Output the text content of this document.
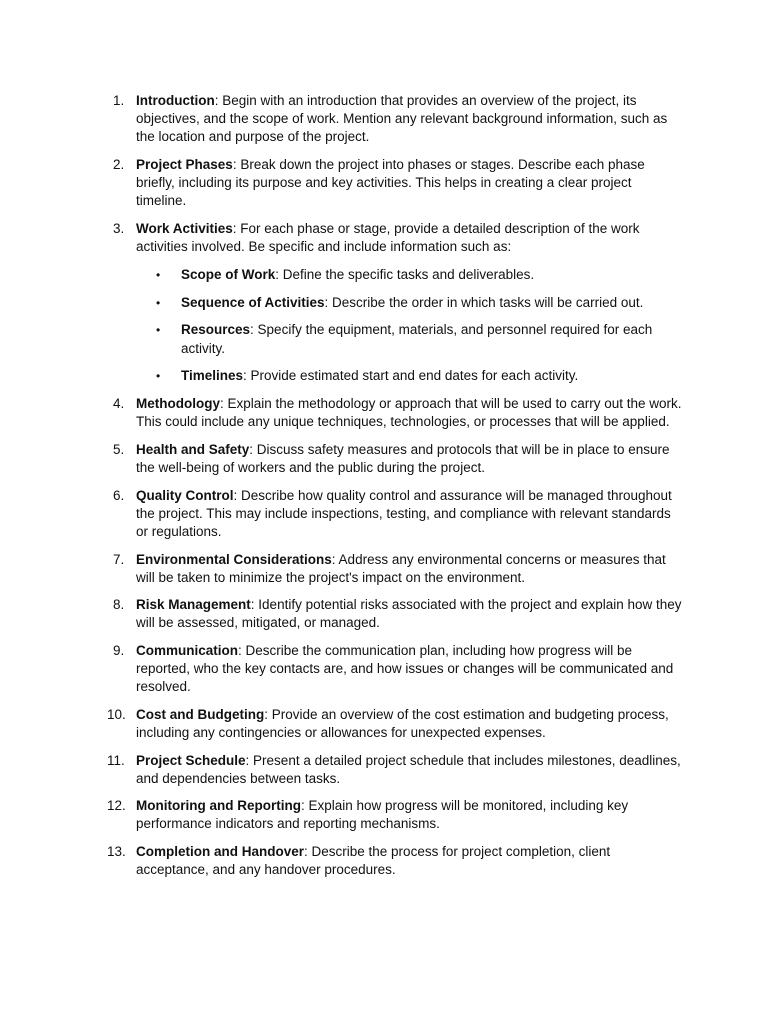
1. Introduction: Begin with an introduction that provides an overview of the project, its objectives, and the scope of work. Mention any relevant background information, such as the location and purpose of the project.
2. Project Phases: Break down the project into phases or stages. Describe each phase briefly, including its purpose and key activities. This helps in creating a clear project timeline.
3. Work Activities: For each phase or stage, provide a detailed description of the work activities involved. Be specific and include information such as:
•	Scope of Work: Define the specific tasks and deliverables.
•	Sequence of Activities: Describe the order in which tasks will be carried out.
•	Resources: Specify the equipment, materials, and personnel required for each activity.
•	Timelines: Provide estimated start and end dates for each activity.
4. Methodology: Explain the methodology or approach that will be used to carry out the work. This could include any unique techniques, technologies, or processes that will be applied.
5. Health and Safety: Discuss safety measures and protocols that will be in place to ensure the well-being of workers and the public during the project.
6. Quality Control: Describe how quality control and assurance will be managed throughout the project. This may include inspections, testing, and compliance with relevant standards or regulations.
7. Environmental Considerations: Address any environmental concerns or measures that will be taken to minimize the project's impact on the environment.
8. Risk Management: Identify potential risks associated with the project and explain how they will be assessed, mitigated, or managed.
9. Communication: Describe the communication plan, including how progress will be reported, who the key contacts are, and how issues or changes will be communicated and resolved.
10. Cost and Budgeting: Provide an overview of the cost estimation and budgeting process, including any contingencies or allowances for unexpected expenses.
11. Project Schedule: Present a detailed project schedule that includes milestones, deadlines, and dependencies between tasks.
12. Monitoring and Reporting: Explain how progress will be monitored, including key performance indicators and reporting mechanisms.
13. Completion and Handover: Describe the process for project completion, client acceptance, and any handover procedures.
